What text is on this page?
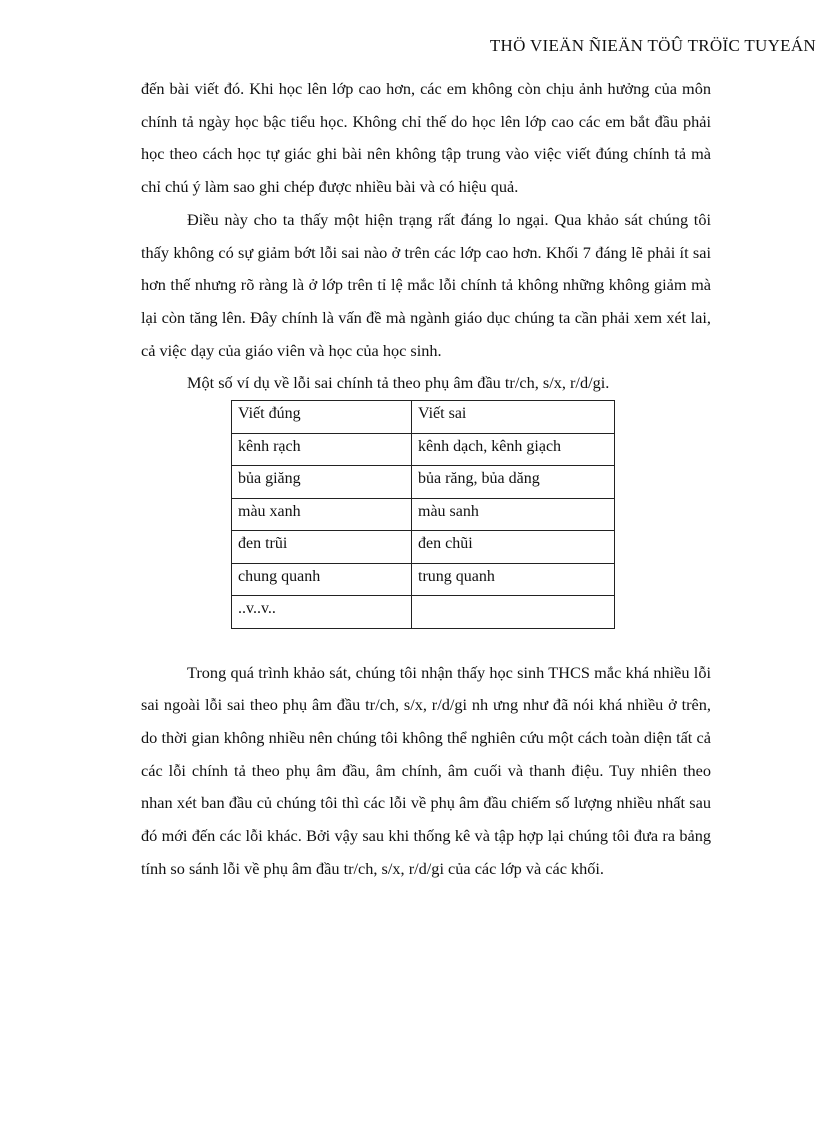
THÖ VIEÄN ÑIEÄN TÖÛ TRÖÏC TUYEÁN

đến bài viết đó. Khi học lên lớp cao hơn, các em không còn chịu ảnh hưởng của môn chính tả ngày học bậc tiểu học. Không chỉ thế do học lên lớp cao các em bắt đầu phải học theo cách học tự giác ghi bài nên không tập trung vào việc viết đúng chính tả mà chỉ chú ý làm sao ghi chép được nhiều bài và có hiệu quả.

Điều này cho ta thấy một hiện trạng rất đáng lo ngại. Qua khảo sát chúng tôi thấy không có sự giảm bớt lỗi sai nào ở trên các lớp cao hơn. Khối 7 đáng lẽ phải ít sai hơn thế nhưng rõ ràng là ở lớp trên tỉ lệ mắc lỗi chính tả không những không giảm mà lại còn tăng lên. Đây chính là vấn đề mà ngành giáo dục chúng ta cần phải xem xét lai, cả việc dạy của giáo viên và học của học sinh.

Một số ví dụ về lỗi sai chính tả theo phụ âm đầu tr/ch, s/x, r/d/gi.

Viết đúng	Viết sai
kênh rạch	kênh dạch, kênh giạch
bủa giăng	bủa răng, bủa dăng
màu xanh	màu sanh
đen trũi	đen chũi
chung quanh	trung quanh
..v..v..	

Trong quá trình khảo sát, chúng tôi nhận thấy học sinh THCS mắc khá nhiều lỗi sai ngoài lỗi sai theo phụ âm đầu tr/ch, s/x, r/d/gi nh ưng như đã nói khá nhiều ở trên, do thời gian không nhiều nên chúng tôi không thể nghiên cứu một cách toàn diện tất cả các lỗi chính tả theo phụ âm đầu, âm chính, âm cuối và thanh điệu. Tuy nhiên theo nhan xét ban đầu củ chúng tôi thì các lỗi về phụ âm đầu chiếm số lượng nhiều nhất sau đó mới đến các lỗi khác. Bởi vậy sau khi thống kê và tập hợp lại chúng tôi đưa ra bảng tính so sánh lỗi về phụ âm đầu tr/ch, s/x, r/d/gi của các lớp và các khối.
